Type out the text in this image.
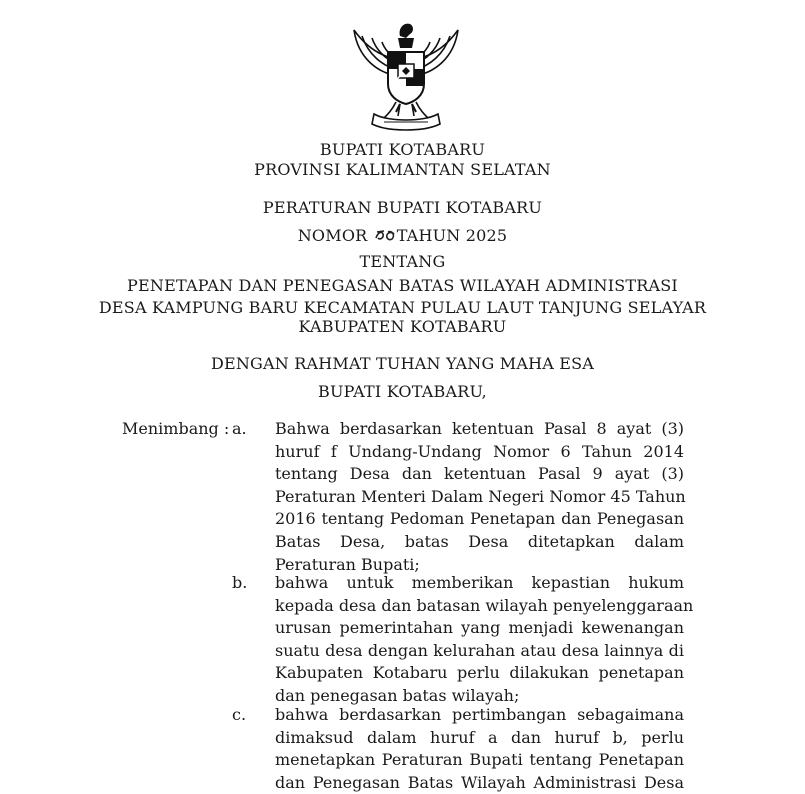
BUPATI KOTABARU
PROVINSI KALIMANTAN SELATAN
PERATURAN BUPATI KOTABARU
NOMOR TAHUN 2025
TENTANG
PENETAPAN DAN PENEGASAN BATAS WILAYAH ADMINISTRASI
DESA KAMPUNG BARU KECAMATAN PULAU LAUT TANJUNG SELAYAR
KABUPATEN KOTABARU
DENGAN RAHMAT TUHAN YANG MAHA ESA
BUPATI KOTABARU,
Menimbang : a. Bahwa berdasarkan ketentuan Pasal 8 ayat (3)
huruf f Undang-Undang Nomor 6 Tahun 2014
tentang Desa dan ketentuan Pasal 9 ayat (3)
Peraturan Menteri Dalam Negeri Nomor 45 Tahun
2016 tentang Pedoman Penetapan dan Penegasan
Batas Desa, batas Desa ditetapkan dalam
Peraturan Bupati;
b. bahwa untuk memberikan kepastian hukum
kepada desa dan batasan wilayah penyelenggaraan
urusan pemerintahan yang menjadi kewenangan
suatu desa dengan kelurahan atau desa lainnya di
Kabupaten Kotabaru perlu dilakukan penetapan
dan penegasan batas wilayah;
c. bahwa berdasarkan pertimbangan sebagaimana
dimaksud dalam huruf a dan huruf b, perlu
menetapkan Peraturan Bupati tentang Penetapan
dan Penegasan Batas Wilayah Administrasi Desa
